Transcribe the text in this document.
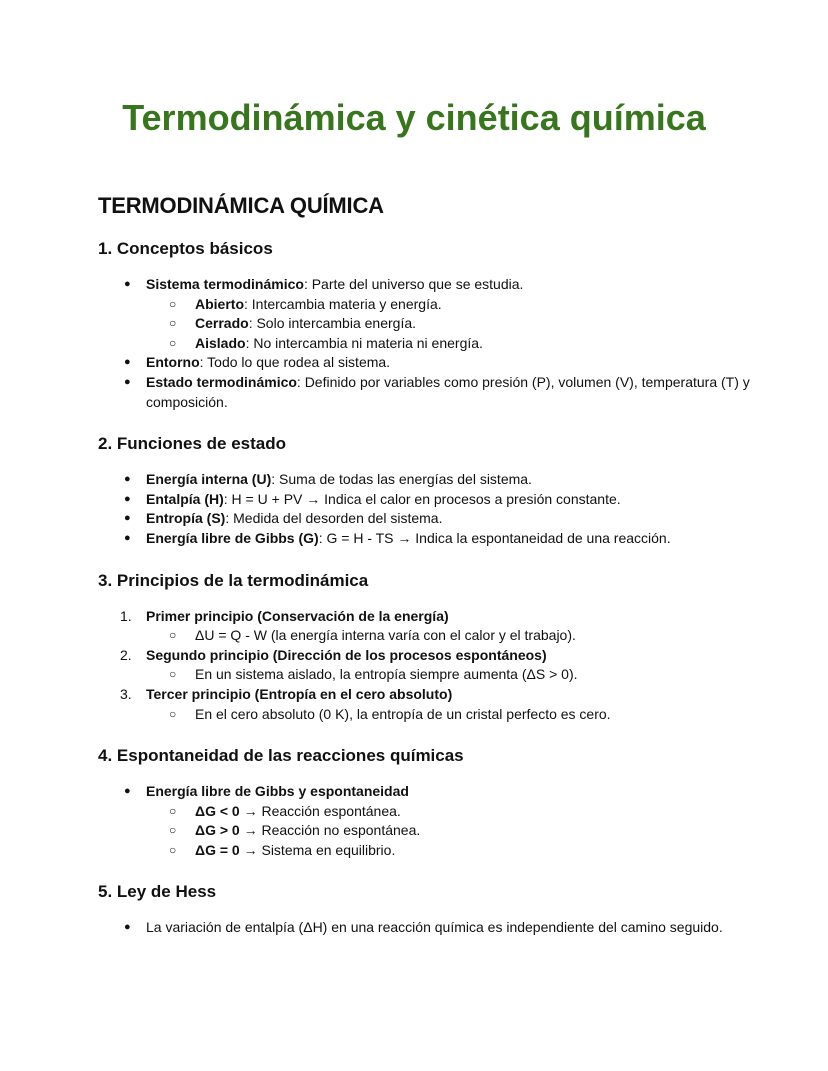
Termodinámica y cinética química
TERMODINÁMICA QUÍMICA
1. Conceptos básicos
● Sistema termodinámico: Parte del universo que se estudia.
○ Abierto: Intercambia materia y energía.
○ Cerrado: Solo intercambia energía.
○ Aislado: No intercambia ni materia ni energía.
● Entorno: Todo lo que rodea al sistema.
● Estado termodinámico: Definido por variables como presión (P), volumen (V), temperatura (T) y composición.
2. Funciones de estado
● Energía interna (U): Suma de todas las energías del sistema.
● Entalpía (H): H = U + PV → Indica el calor en procesos a presión constante.
● Entropía (S): Medida del desorden del sistema.
● Energía libre de Gibbs (G): G = H - TS → Indica la espontaneidad de una reacción.
3. Principios de la termodinámica
1. Primer principio (Conservación de la energía)
○ ΔU = Q - W (la energía interna varía con el calor y el trabajo).
2. Segundo principio (Dirección de los procesos espontáneos)
○ En un sistema aislado, la entropía siempre aumenta (ΔS > 0).
3. Tercer principio (Entropía en el cero absoluto)
○ En el cero absoluto (0 K), la entropía de un cristal perfecto es cero.
4. Espontaneidad de las reacciones químicas
● Energía libre de Gibbs y espontaneidad
○ ΔG < 0 → Reacción espontánea.
○ ΔG > 0 → Reacción no espontánea.
○ ΔG = 0 → Sistema en equilibrio.
5. Ley de Hess
● La variación de entalpía (ΔH) en una reacción química es independiente del camino seguido.
